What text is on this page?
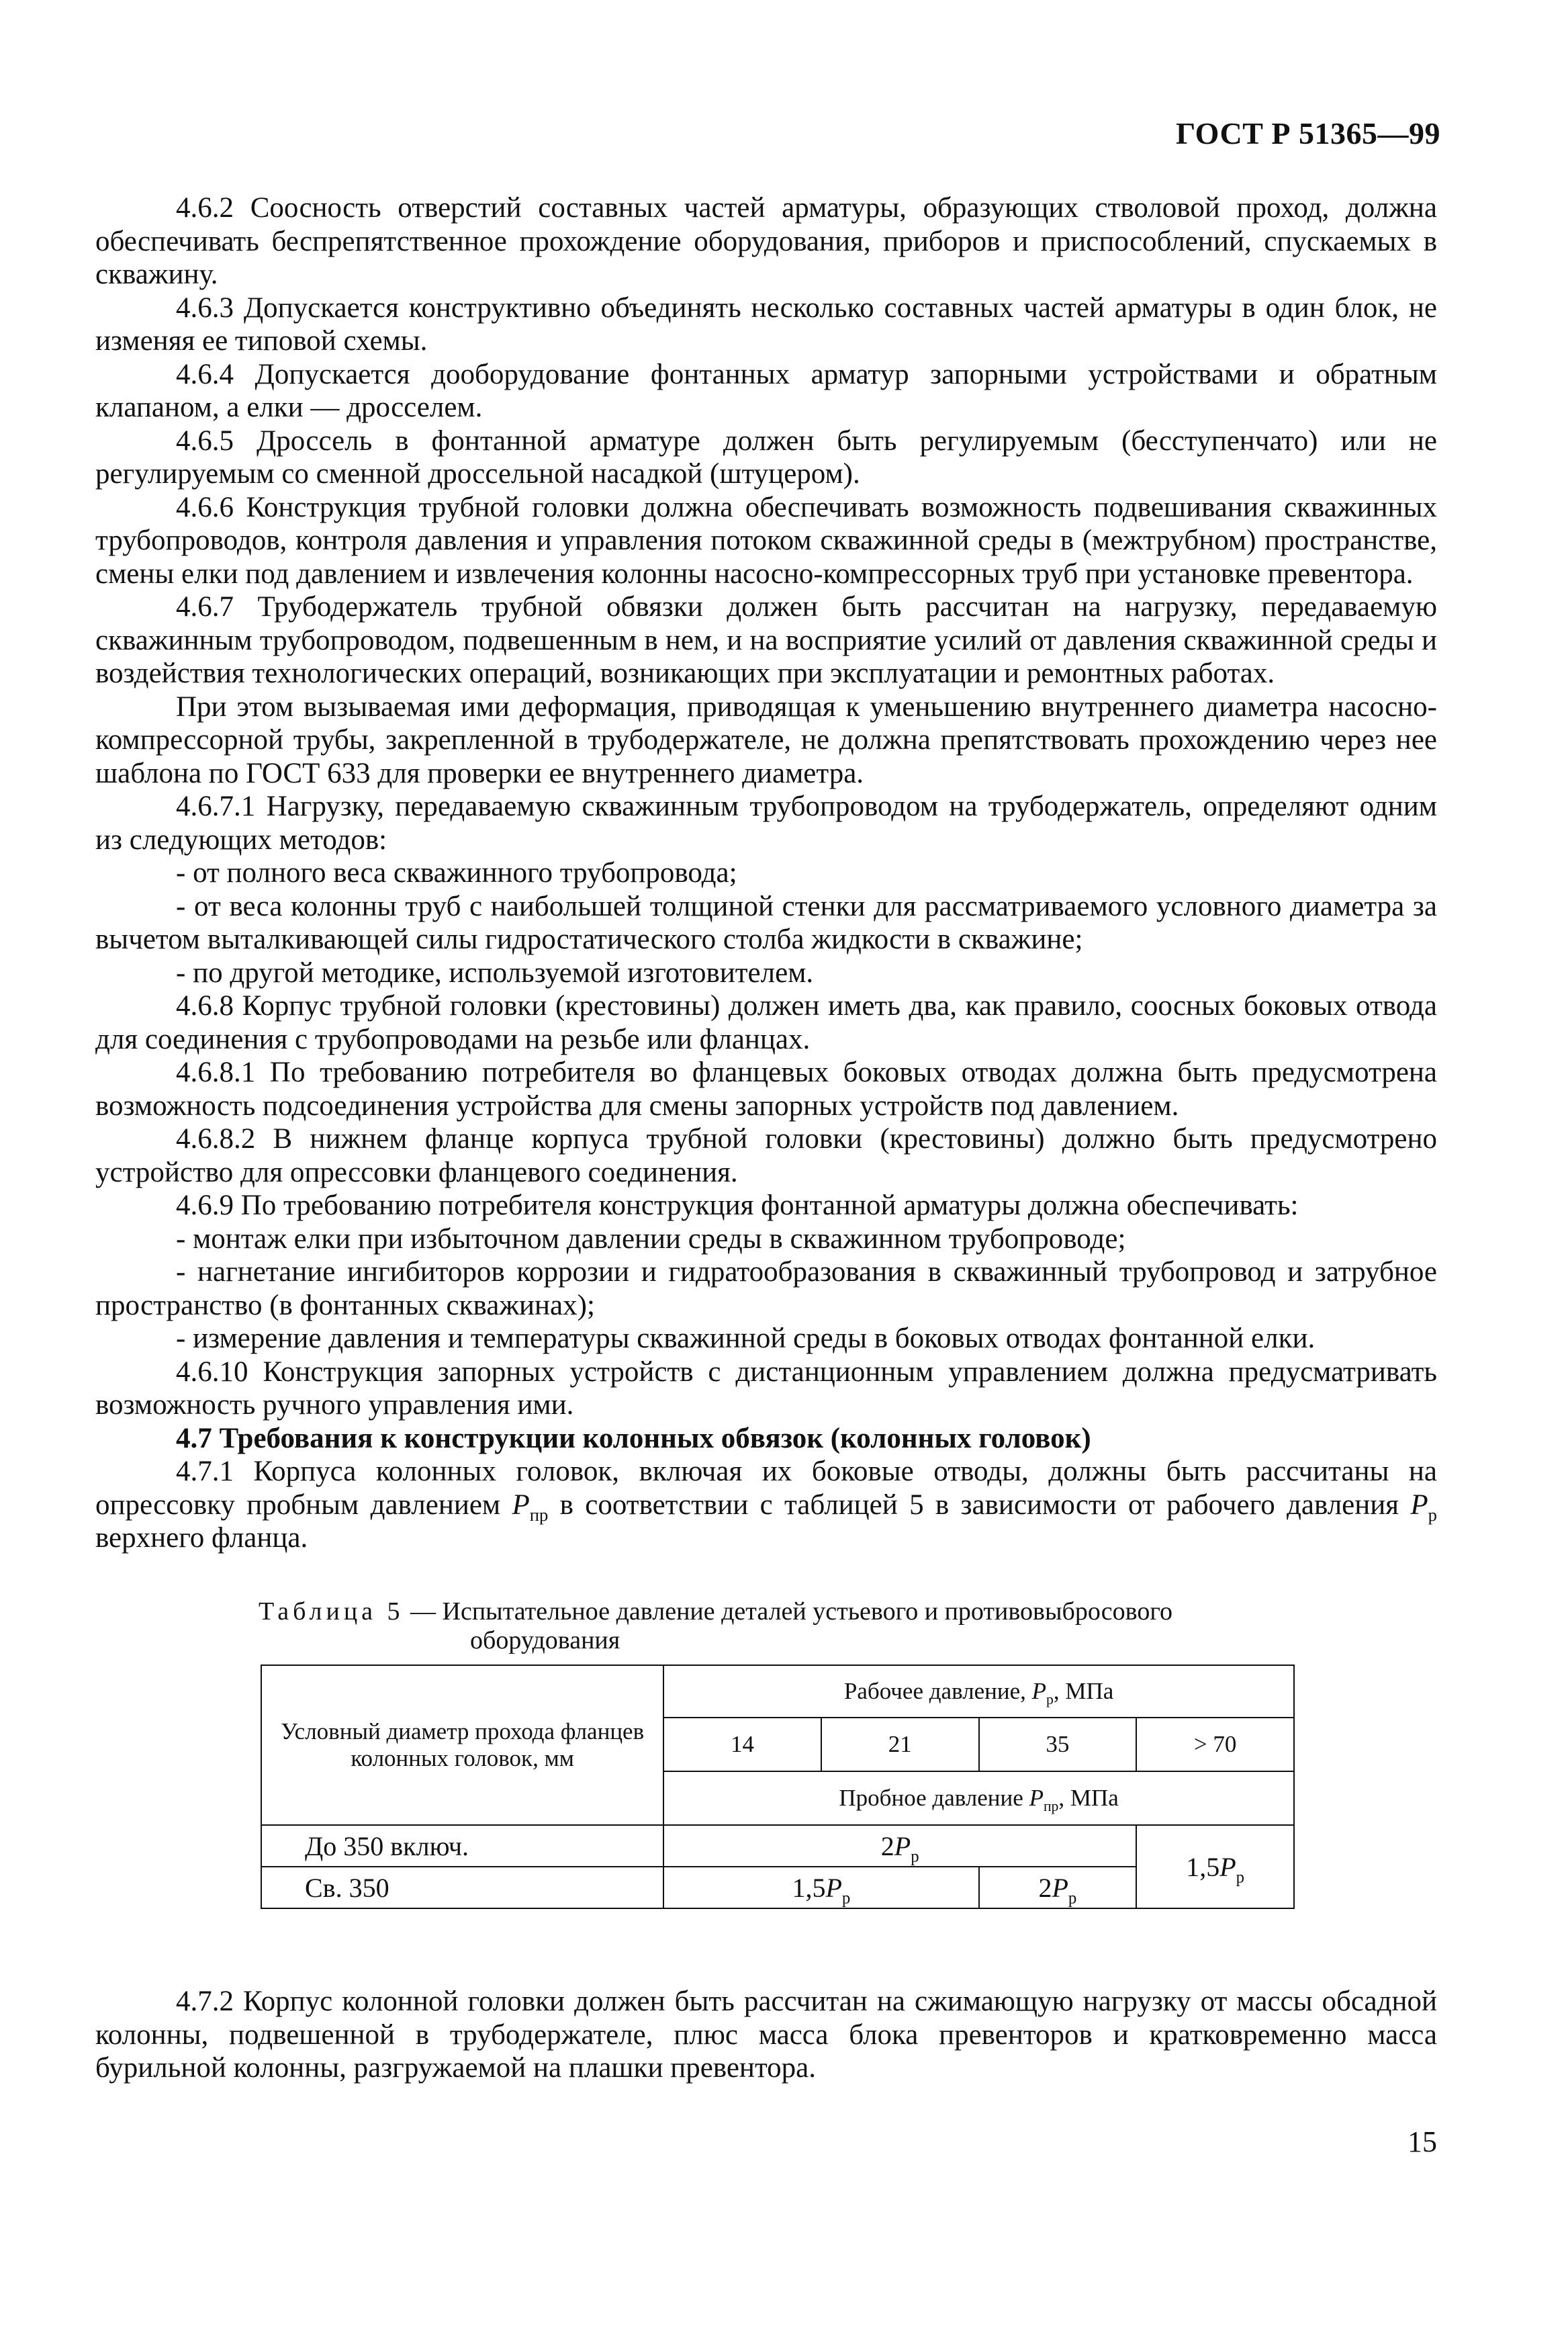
ГОСТ Р 51365—99

4.6.2 Соосность отверстий составных частей арматуры, образующих стволовой проход, должна обеспечивать беспрепятственное прохождение оборудования, приборов и приспособлений, спускаемых в скважину.

4.6.3 Допускается конструктивно объединять несколько составных частей арматуры в один блок, не изменяя ее типовой схемы.

4.6.4 Допускается дооборудование фонтанных арматур запорными устройствами и обратным клапаном, а елки — дросселем.

4.6.5 Дроссель в фонтанной арматуре должен быть регулируемым (бесступенчато) или не регулируемым со сменной дроссельной насадкой (штуцером).

4.6.6 Конструкция трубной головки должна обеспечивать возможность подвешивания скважинных трубопроводов, контроля давления и управления потоком скважинной среды в (межтрубном) пространстве, смены елки под давлением и извлечения колонны насосно-компрессорных труб при установке превентора.

4.6.7 Трубодержатель трубной обвязки должен быть рассчитан на нагрузку, передаваемую скважинным трубопроводом, подвешенным в нем, и на восприятие усилий от давления скважинной среды и воздействия технологических операций, возникающих при эксплуатации и ремонтных работах.

При этом вызываемая ими деформация, приводящая к уменьшению внутреннего диаметра насосно-компрессорной трубы, закрепленной в трубодержателе, не должна препятствовать прохождению через нее шаблона по ГОСТ 633 для проверки ее внутреннего диаметра.

4.6.7.1 Нагрузку, передаваемую скважинным трубопроводом на трубодержатель, определяют одним из следующих методов:

- от полного веса скважинного трубопровода;

- от веса колонны труб с наибольшей толщиной стенки для рассматриваемого условного диаметра за вычетом выталкивающей силы гидростатического столба жидкости в скважине;

- по другой методике, используемой изготовителем.

4.6.8 Корпус трубной головки (крестовины) должен иметь два, как правило, соосных боковых отвода для соединения с трубопроводами на резьбе или фланцах.

4.6.8.1 По требованию потребителя во фланцевых боковых отводах должна быть предусмотрена возможность подсоединения устройства для смены запорных устройств под давлением.

4.6.8.2 В нижнем фланце корпуса трубной головки (крестовины) должно быть предусмотрено устройство для опрессовки фланцевого соединения.

4.6.9 По требованию потребителя конструкция фонтанной арматуры должна обеспечивать:

- монтаж елки при избыточном давлении среды в скважинном трубопроводе;

- нагнетание ингибиторов коррозии и гидратообразования в скважинный трубопровод и затрубное пространство (в фонтанных скважинах);

- измерение давления и температуры скважинной среды в боковых отводах фонтанной елки.

4.6.10 Конструкция запорных устройств с дистанционным управлением должна предусматривать возможность ручного управления ими.

4.7 Требования к конструкции колонных обвязок (колонных головок)

4.7.1 Корпуса колонных головок, включая их боковые отводы, должны быть рассчитаны на опрессовку пробным давлением $P_{пр}$ в соответствии с таблицей 5 в зависимости от рабочего давления $P_р$ верхнего фланца.

Таблица 5 — Испытательное давление деталей устьевого и противовыбросового
оборудования
Условный диаметр прохода фланцев колонных головок, мм	Рабочее давление, $P_р$, МПа			
	14	21	35	> 70
	Пробное давление $P_{пр}$, МПа			
До 350 включ.	$2P_р$			$1,5P_р$
Св. 350	$1,5P_р$		$2P_р$

4.7.2 Корпус колонной головки должен быть рассчитан на сжимающую нагрузку от массы обсадной колонны, подвешенной в трубодержателе, плюс масса блока превенторов и кратковременно масса бурильной колонны, разгружаемой на плашки превентора.

15
